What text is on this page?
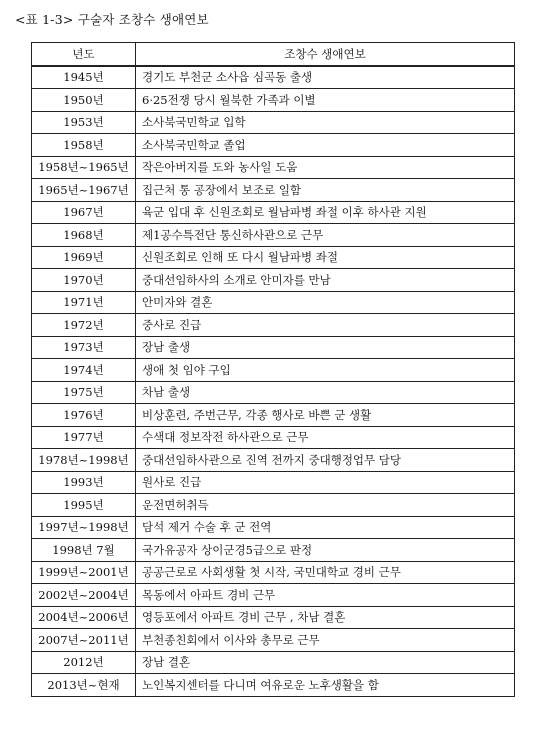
<표 1-3> 구술자 조창수 생애연보
년도	조창수 생애연보
1945년	경기도 부천군 소사읍 심곡동 출생
1950년	6·25전쟁 당시 월북한 가족과 이별
1953년	소사북국민학교 입학
1958년	소사북국민학교 졸업
1958년~1965년	작은아버지를 도와 농사일 도움
1965년~1967년	집근처 통 공장에서 보조로 일함
1967년	육군 입대 후 신원조회로 월남파병 좌절 이후 하사관 지원
1968년	제1공수특전단 통신하사관으로 근무
1969년	신원조회로 인해 또 다시 월남파병 좌절
1970년	중대선임하사의 소개로 안미자를 만남
1971년	안미자와 결혼
1972년	중사로 진급
1973년	장남 출생
1974년	생애 첫 임야 구입
1975년	차남 출생
1976년	비상훈련, 주번근무, 각종 행사로 바쁜 군 생활
1977년	수색대 정보작전 하사관으로 근무
1978년~1998년	중대선임하사관으로 진역 전까지 중대행정업무 담당
1993년	원사로 진급
1995년	운전면허취득
1997년~1998년	담석 제거 수술 후 군 전역
1998년 7월	국가유공자 상이군경5급으로 판정
1999년~2001년	공공근로로 사회생활 첫 시작, 국민대학교 경비 근무
2002년~2004년	목동에서 아파트 경비 근무
2004년~2006년	영등포에서 아파트 경비 근무 , 차남 결혼
2007년~2011년	부천종친회에서 이사와 총무로 근무
2012년	장남 결혼
2013년~현재	노인복지센터를 다니며 여유로운 노후생활을 함
